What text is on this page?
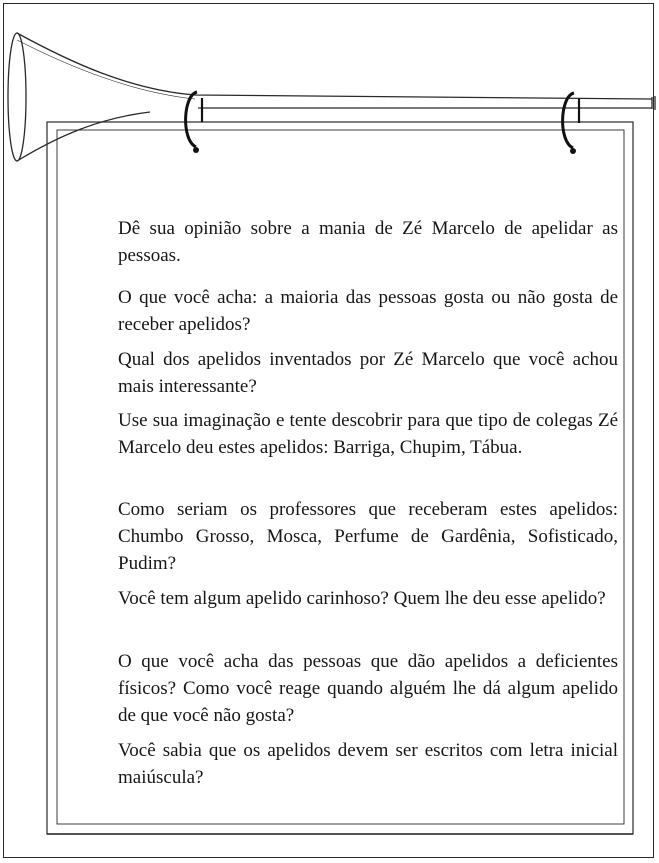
Dê sua opinião sobre a mania de Zé Marcelo de apelidar as pessoas.
O que você acha: a maioria das pessoas gosta ou não gosta de receber apelidos?
Qual dos apelidos inventados por Zé Marcelo que você achou mais interessante?
Use sua imaginação e tente descobrir para que tipo de colegas Zé Marcelo deu estes apelidos: Barriga, Chupim, Tábua.
Como seriam os professores que receberam estes apelidos: Chumbo Grosso, Mosca, Perfume de Gardênia, Sofisticado, Pudim?
Você tem algum apelido carinhoso? Quem lhe deu esse apelido?
O que você acha das pessoas que dão apelidos a deficientes físicos? Como você reage quando alguém lhe dá algum apelido de que você não gosta?
Você sabia que os apelidos devem ser escritos com letra inicial maiúscula?
